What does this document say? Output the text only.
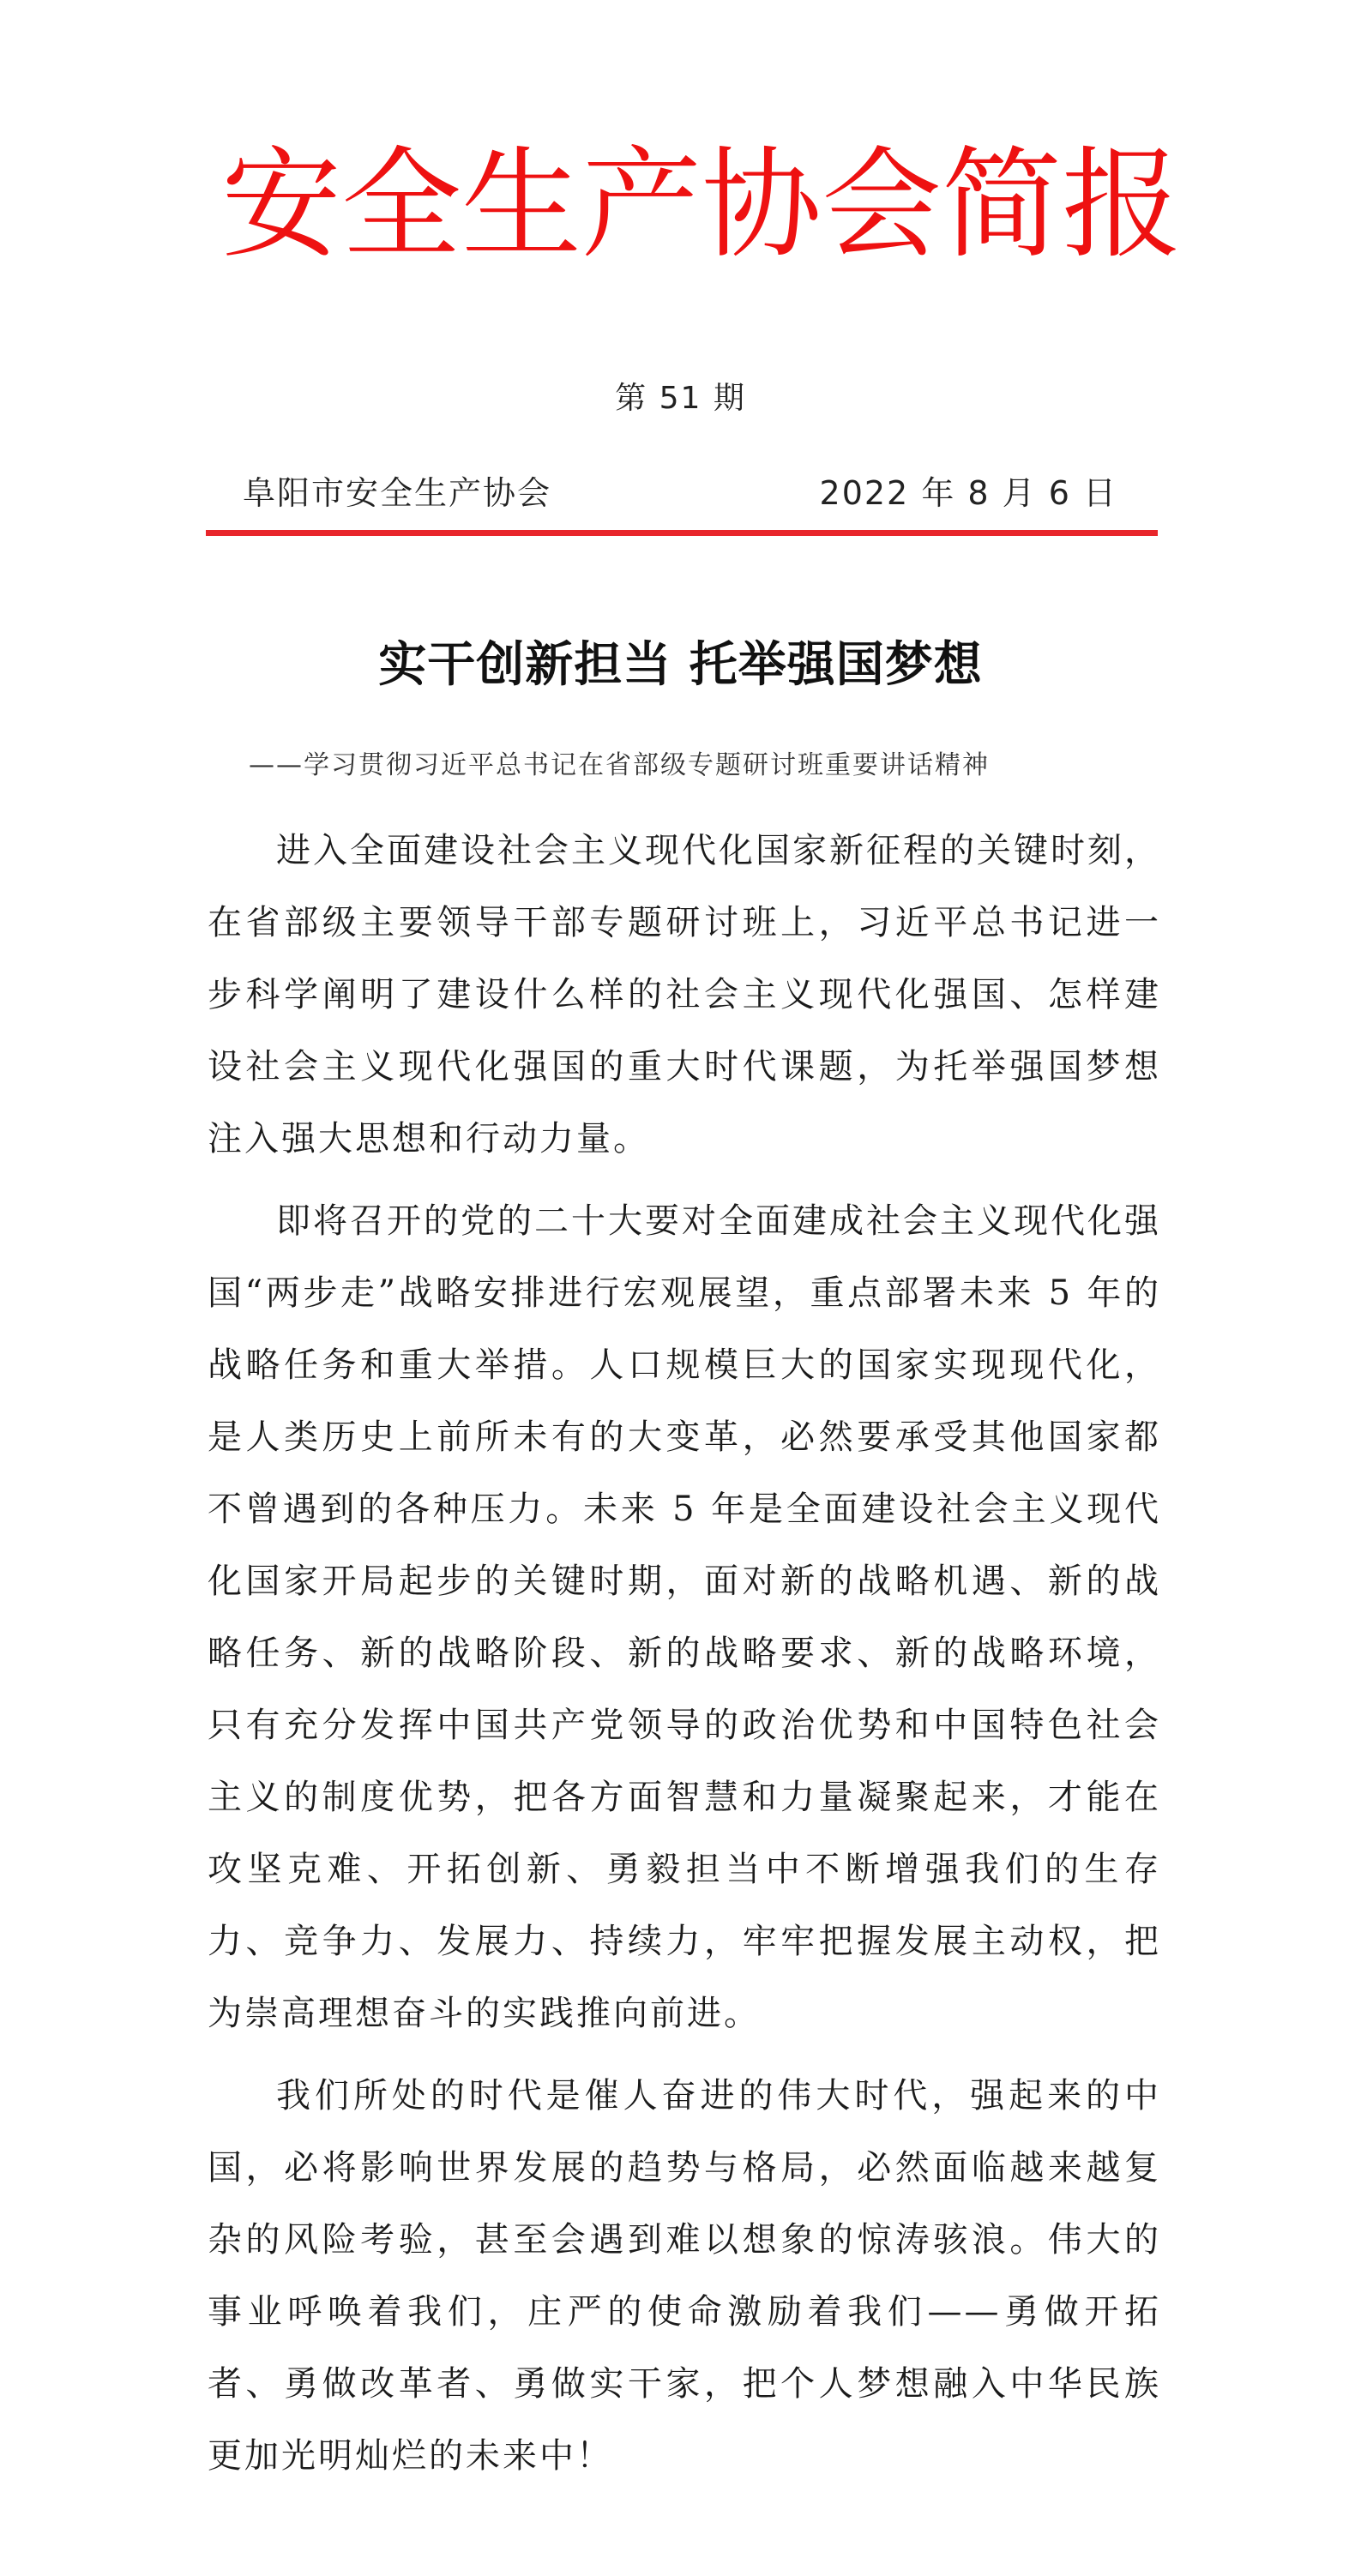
安全生产协会简报
第 51 期
阜阳市安全生产协会	2022 年 8 月 6 日
实干创新担当 托举强国梦想
——学习贯彻习近平总书记在省部级专题研讨班重要讲话精神

进入全面建设社会主义现代化国家新征程的关键时刻，在省部级主要领导干部专题研讨班上，习近平总书记进一步科学阐明了建设什么样的社会主义现代化强国、怎样建设社会主义现代化强国的重大时代课题，为托举强国梦想注入强大思想和行动力量。

即将召开的党的二十大要对全面建成社会主义现代化强国“两步走”战略安排进行宏观展望，重点部署未来 5 年的战略任务和重大举措。人口规模巨大的国家实现现代化，是人类历史上前所未有的大变革，必然要承受其他国家都不曾遇到的各种压力。未来 5 年是全面建设社会主义现代化国家开局起步的关键时期，面对新的战略机遇、新的战略任务、新的战略阶段、新的战略要求、新的战略环境，只有充分发挥中国共产党领导的政治优势和中国特色社会主义的制度优势，把各方面智慧和力量凝聚起来，才能在攻坚克难、开拓创新、勇毅担当中不断增强我们的生存力、竞争力、发展力、持续力，牢牢把握发展主动权，把为崇高理想奋斗的实践推向前进。

我们所处的时代是催人奋进的伟大时代，强起来的中国，必将影响世界发展的趋势与格局，必然面临越来越复杂的风险考验，甚至会遇到难以想象的惊涛骇浪。伟大的事业呼唤着我们，庄严的使命激励着我们——勇做开拓者、勇做改革者、勇做实干家，把个人梦想融入中华民族更加光明灿烂的未来中！
